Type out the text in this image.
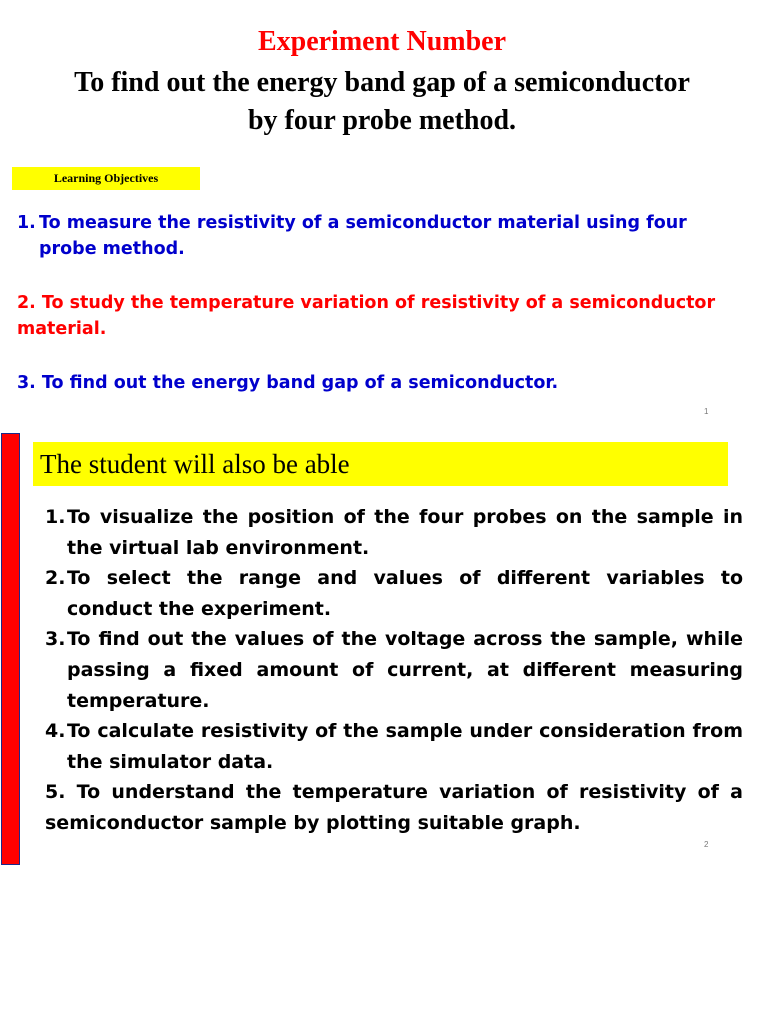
Experiment Number
To find out the energy band gap of a semiconductor
by four probe method.
Learning Objectives
1. To measure the resistivity of a semiconductor material using four
probe method.
2. To study the temperature variation of resistivity of a semiconductor
material.
3. To find out the energy band gap of a semiconductor.
1
The student will also be able
1. To visualize the position of the four probes on the sample in the virtual lab environment.
2. To select the range and values of different variables to conduct the experiment.
3. To find out the values of the voltage across the sample, while passing a fixed amount of current, at different measuring temperature.
4. To calculate resistivity of the sample under consideration from the simulator data.
5. To understand the temperature variation of resistivity of a semiconductor sample by plotting suitable graph.
2
